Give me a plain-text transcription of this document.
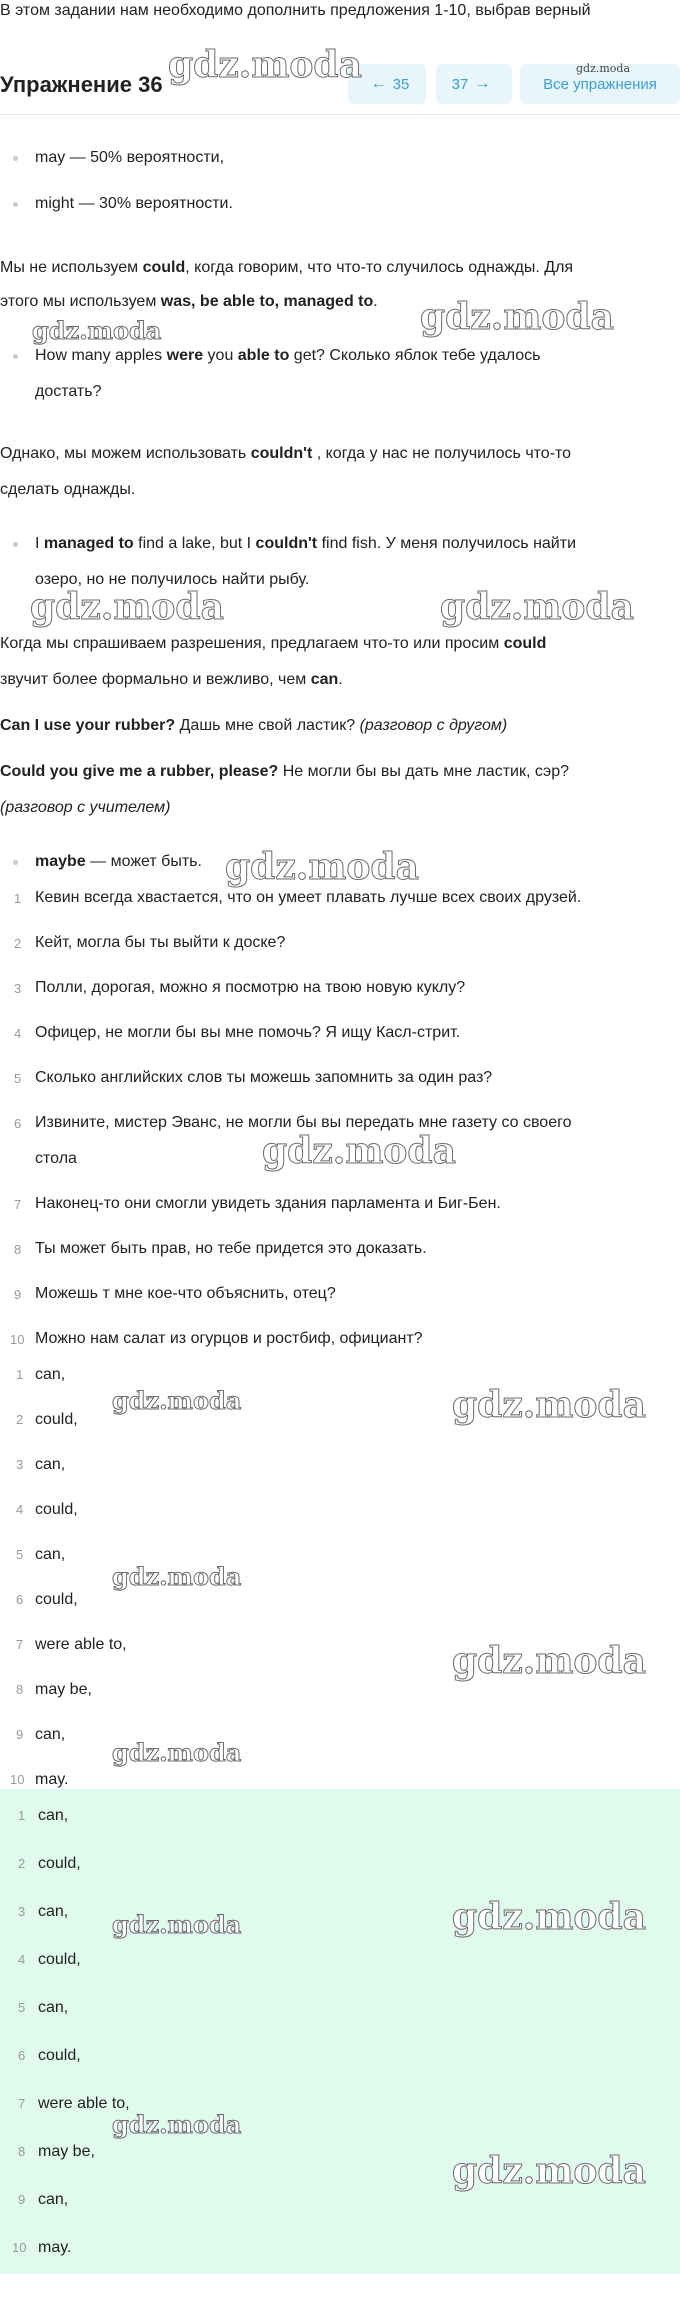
В этом задании нам необходимо дополнить предложения 1-10, выбрав верный
Упражнение 36	← 35	37 →	Все упражнения
may — 50% вероятности,
might — 30% вероятности.
Мы не используем could, когда говорим, что что-то случилось однажды. Для
этого мы используем was, be able to, managed to.
How many apples were you able to get? Сколько яблок тебе удалось
достать?
Однако, мы можем использовать couldn't , когда у нас не получилось что-то
сделать однажды.
I managed to find a lake, but I couldn't find fish. У меня получилось найти
озеро, но не получилось найти рыбу.
Когда мы спрашиваем разрешения, предлагаем что-то или просим could
звучит более формально и вежливо, чем can.
Can I use your rubber? Дашь мне свой ластик? (разговор с другом)
Could you give me a rubber, please? Не могли бы вы дать мне ластик, сэр?
(разговор с учителем)
maybe — может быть.
1 Кевин всегда хвастается, что он умеет плавать лучше всех своих друзей.
2 Кейт, могла бы ты выйти к доске?
3 Полли, дорогая, можно я посмотрю на твою новую куклу?
4 Офицер, не могли бы вы мне помочь? Я ищу Касл-стрит.
5 Сколько английских слов ты можешь запомнить за один раз?
6 Извините, мистер Эванс, не могли бы вы передать мне газету со своего
стола
7 Наконец-то они смогли увидеть здания парламента и Биг-Бен.
8 Ты может быть прав, но тебе придется это доказать.
9 Можешь т мне кое-что объяснить, отец?
10 Можно нам салат из огурцов и ростбиф, официант?
1 can,
2 could,
3 can,
4 could,
5 can,
6 could,
7 were able to,
8 may be,
9 can,
10 may.
1 can,
2 could,
3 can,
4 could,
5 can,
6 could,
7 were able to,
8 may be,
9 can,
10 may.
gdz.moda	gdz.moda
gdz.moda	gdz.moda
gdz.moda	gdz.moda
gdz.moda
gdz.moda
gdz.moda	gdz.moda
gdz.moda
gdz.moda
gdz.moda
gdz.moda	gdz.moda
gdz.moda
gdz.moda
